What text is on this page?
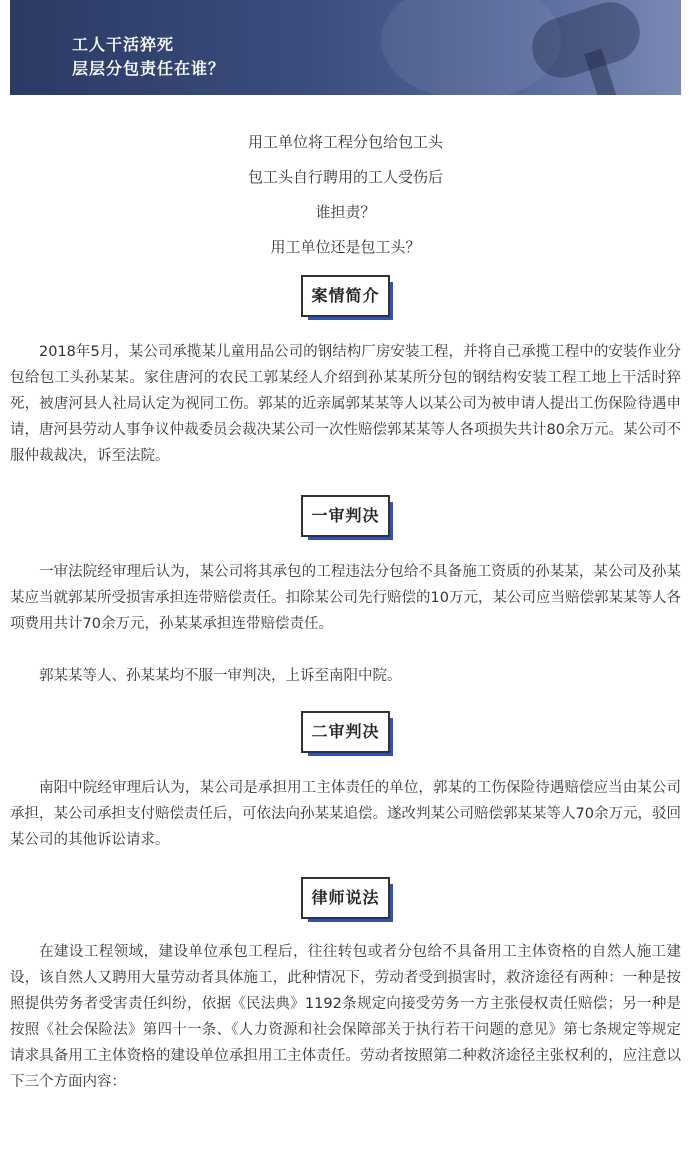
工人干活猝死
层层分包责任在谁？

用工单位将工程分包给包工头

包工头自行聘用的工人受伤后

谁担责？

用工单位还是包工头？

案情简介

2018年5月，某公司承揽某儿童用品公司的钢结构厂房安装工程，并将自己承揽工程中的安装作业分包给包工头孙某某。家住唐河的农民工郭某经人介绍到孙某某所分包的钢结构安装工程工地上干活时猝死，被唐河县人社局认定为视同工伤。郭某的近亲属郭某某等人以某公司为被申请人提出工伤保险待遇申请，唐河县劳动人事争议仲裁委员会裁决某公司一次性赔偿郭某某等人各项损失共计80余万元。某公司不服仲裁裁决，诉至法院。

一审判决

一审法院经审理后认为，某公司将其承包的工程违法分包给不具备施工资质的孙某某，某公司及孙某某应当就郭某所受损害承担连带赔偿责任。扣除某公司先行赔偿的10万元，某公司应当赔偿郭某某等人各项费用共计70余万元，孙某某承担连带赔偿责任。

郭某某等人、孙某某均不服一审判决，上诉至南阳中院。

二审判决

南阳中院经审理后认为，某公司是承担用工主体责任的单位，郭某的工伤保险待遇赔偿应当由某公司承担，某公司承担支付赔偿责任后，可依法向孙某某追偿。遂改判某公司赔偿郭某某等人70余万元，驳回某公司的其他诉讼请求。

律师说法

在建设工程领域，建设单位承包工程后，往往转包或者分包给不具备用工主体资格的自然人施工建设，该自然人又聘用大量劳动者具体施工，此种情况下，劳动者受到损害时，救济途径有两种：一种是按照提供劳务者受害责任纠纷，依据《民法典》1192条规定向接受劳务一方主张侵权责任赔偿；另一种是按照《社会保险法》第四十一条、《人力资源和社会保障部关于执行若干问题的意见》第七条规定等规定请求具备用工主体资格的建设单位承担用工主体责任。劳动者按照第二种救济途径主张权利的，应注意以下三个方面内容：
